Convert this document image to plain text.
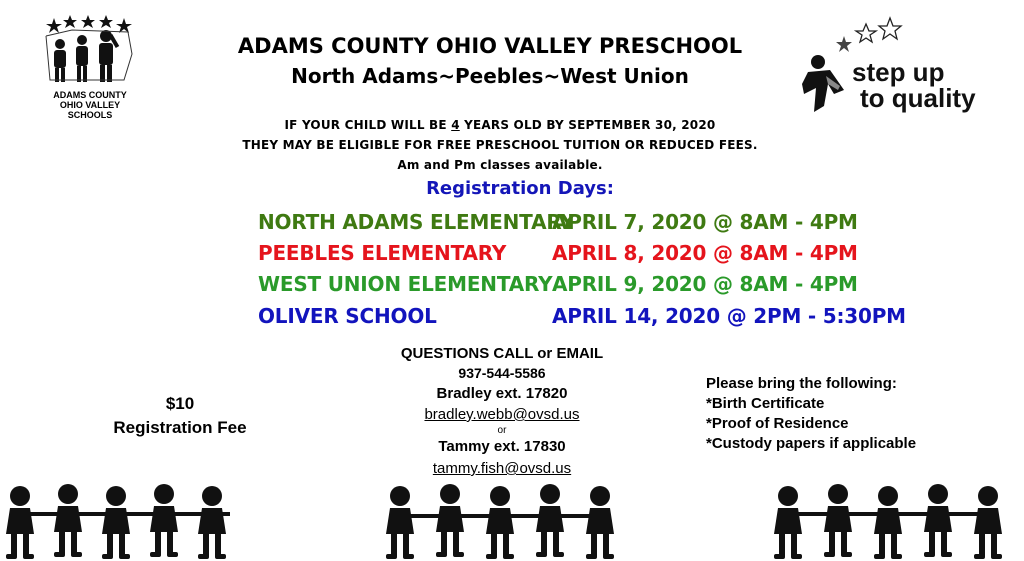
ADAMS COUNTY
OHIO VALLEY SCHOOLS
step up
to quality
ADAMS COUNTY OHIO VALLEY PRESCHOOL
North Adams~Peebles~West Union
IF YOUR CHILD WILL BE 4 YEARS OLD BY SEPTEMBER 30, 2020
THEY MAY BE ELIGIBLE FOR FREE PRESCHOOL TUITION OR REDUCED FEES.
Am and Pm classes available.
Registration Days:
NORTH ADAMS ELEMENTARY
APRIL 7, 2020 @ 8AM - 4PM
PEEBLES ELEMENTARY APRIL 8, 2020 @ 8AM - 4PM
WEST UNION ELEMENTARY APRIL 9, 2020 @ 8AM - 4PM
OLIVER SCHOOL	APRIL 14, 2020 @ 2PM - 5:30PM
QUESTIONS CALL or EMAIL
937-544-5586
Bradley ext. 17820
bradley.webb@ovsd.us
or
Tammy ext. 17830
tammy.fish@ovsd.us
$10
Registration Fee
Please bring the following:
*Birth Certificate
*Proof of Residence
*Custody papers if applicable
